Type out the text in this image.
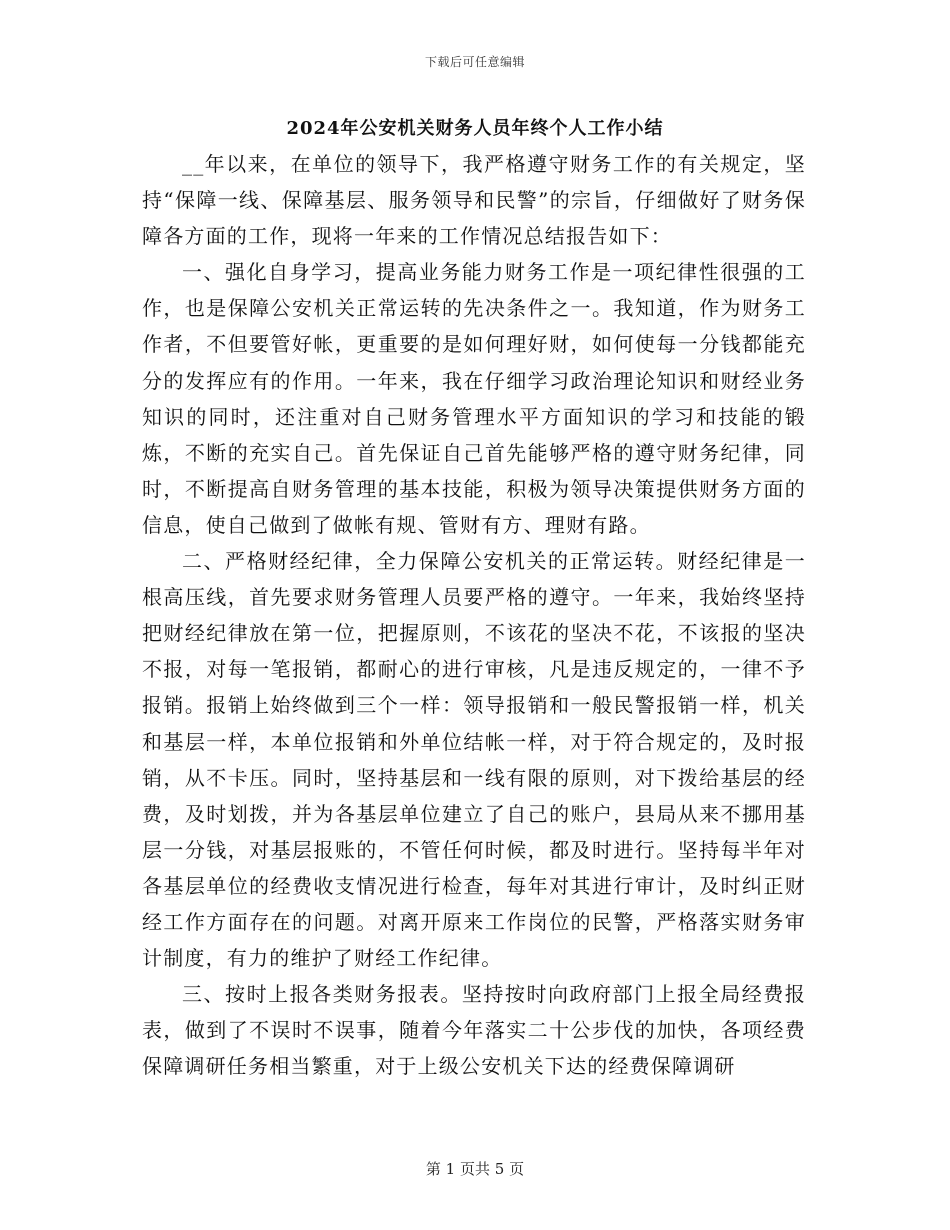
下载后可任意编辑
2024年公安机关财务人员年终个人工作小结

__年以来，在单位的领导下，我严格遵守财务工作的有关规定，坚持“保障一线、保障基层、服务领导和民警”的宗旨，仔细做好了财务保障各方面的工作，现将一年来的工作情况总结报告如下：

一、强化自身学习，提高业务能力财务工作是一项纪律性很强的工作，也是保障公安机关正常运转的先决条件之一。我知道，作为财务工作者，不但要管好帐，更重要的是如何理好财，如何使每一分钱都能充分的发挥应有的作用。一年来，我在仔细学习政治理论知识和财经业务知识的同时，还注重对自己财务管理水平方面知识的学习和技能的锻炼，不断的充实自己。首先保证自己首先能够严格的遵守财务纪律，同时，不断提高自财务管理的基本技能，积极为领导决策提供财务方面的信息，使自己做到了做帐有规、管财有方、理财有路。

二、严格财经纪律，全力保障公安机关的正常运转。财经纪律是一根高压线，首先要求财务管理人员要严格的遵守。一年来，我始终坚持把财经纪律放在第一位，把握原则，不该花的坚决不花，不该报的坚决不报，对每一笔报销，都耐心的进行审核，凡是违反规定的，一律不予报销。报销上始终做到三个一样：领导报销和一般民警报销一样，机关和基层一样，本单位报销和外单位结帐一样，对于符合规定的，及时报销，从不卡压。同时，坚持基层和一线有限的原则，对下拨给基层的经费，及时划拨，并为各基层单位建立了自己的账户，县局从来不挪用基层一分钱，对基层报账的，不管任何时候，都及时进行。坚持每半年对各基层单位的经费收支情况进行检查，每年对其进行审计，及时纠正财经工作方面存在的问题。对离开原来工作岗位的民警，严格落实财务审计制度，有力的维护了财经工作纪律。

三、按时上报各类财务报表。坚持按时向政府部门上报全局经费报表，做到了不误时不误事，随着今年落实二十公步伐的加快，各项经费保障调研任务相当繁重，对于上级公安机关下达的经费保障调研

第 1 页共 5 页
